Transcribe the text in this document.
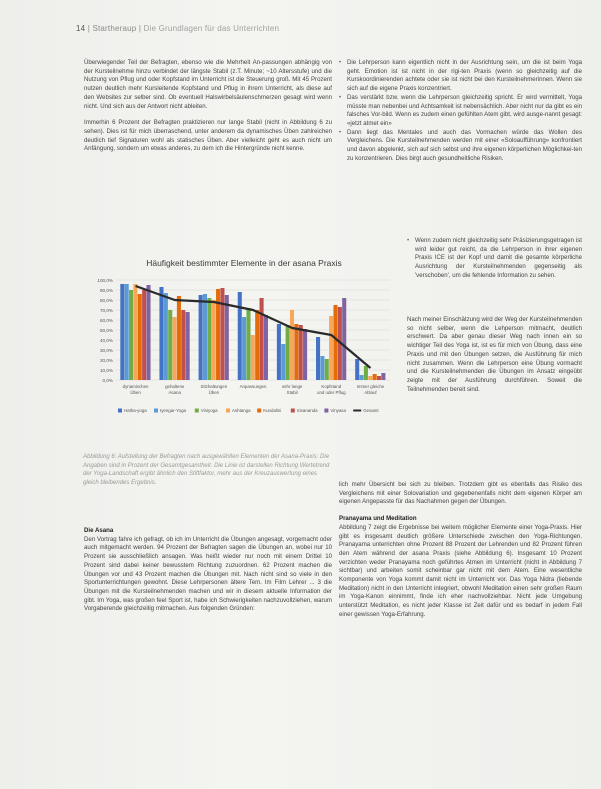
14 | Startheraup | Die Grundlagen für das Unterrichten

Überwiegender Teil der Befragten, ebenso wie die Mehrheit An-passungen abhängig von der Kursteilnehme hinzu verbindet der längste Stabil (z.T. Minute; ~10 Altersstufe) und die Nutzung von Pflug und oder Kopfstand im Unterricht ist die Steuerung groß. Mit 45 Prozent nutzen deutlich mehr Kursleitende Kopfstand und Pflug in ihrem Unterricht, als diese auf den Websites zur selber sind. Ob eventuell Halswirbelsäulenschmerzen gesagt wird wenn nicht. Und sich aus der Antwort nicht ableiten.

Immerhin 6 Prozent der Befragten praktizieren nur lange Stabil (nicht in Abbildung 6 zu sehen). Dies ist für mich überraschend, unter anderem da dynamisches Üben zahlreichen deutlich tief Signaturen wohl als statisches Üben. Aber vielleicht geht es auch nicht um Anfängung, sondern um etwas anderes, zu dem ich die Hintergründe nicht kenne.

• Die Lehrperson kann eigentlich nicht in der Ausrichtung sein, um die ist beim Yoga geht. Emotion ist ist nicht in der rigi-ten Praxis (wenn so gleichzeitig auf die Kurskoordinierenden achtete oder sie ist nicht bei den Kursteilnehmerinnen. Wenn sie sich auf die eigene Praxis konzentriert.
• Das verstärkt bzw. wenn die Lehrperson gleichzeitig spricht. Er wird vermittelt, Yoga müsste man nebenbei und Achtsamkeit ist nebensächlich. Aber nicht nur da gibt es ein falsches Vor-bild. Wenn es zudem einen gefühlten Atem gibt, wird ausge-nannt gesagt: «jetzt atmet ein»
• Dann liegt das Mentales und auch das Vormachen würde das Wollen des Vergleichens. Die Kursteilnehmenden werden mit einer «Soloaufführung» konfrontiert und davon abgelenkt, sich auf sich selbst und ihre eigenen körperlichen Möglichkei-ten zu konzentrieren. Dies birgt auch gesundheitliche Risiken.
• Wenn zudem nicht gleichzeitig sehr Präsizierungsgetragen ist wird leider gut reicht, da die Lehrperson in ihrer eigenen Praxis ICE ist der Kopf und damit die gesamte körperliche Ausrichtung der Kursteilnehmenden gegenseitig als 'verschoben', um die fehlende Information zu sehen.

Nach meiner Einschätzung wird der Weg der Kursteilnehmenden so nicht selber, wenn die Lehperson mitmacht, deutlich erschwert. Da aber genau dieser Weg nach innen ein so wichtiger Teil des Yoga ist, ist es für mich von Übung, dass eine Praxis und mit den Übungen setzen, die Ausführung für mich nicht zusammen. Wenn die Lehrperson eine Übung vormacht und die Kursteilnehmenden die Übungen im Ansatz eingeübt zeigte mit der Ausführung durchführen. Soweit die Teilnehmenden bereit sind.

Häufigkeit bestimmter Elemente in der asana Praxis
0,0%
10,0%
20,0%
30,0%
40,0%
50,0%
60,0%
70,0%
80,0%
90,0%
100,0%
dynamischen
Üben
gehaltene
Asana
Sitzhaltungen
Üben
Anpassungen	sehr lange
Stabil
Kopfstand
und oder Pflug
Immer gleiche
Ablauf
Hatha-yoga	Iyengar-Yoga	Viniyoga	Ashtanga	Kundalini	Sivananda	Vinyasa	Gesamt
Abbildung 6: Aufstellung der Befragten nach ausgewählten Elementen der Asana-Praxis: Die Angaben sind in Prozent der Gesamtgesamtheit. Die Linie ist darstellen Richtung Wertetrend der Yoga-Landschaft ergibt ähnlich den Stiftfaktor, mehr aus der Kreuzauswertung eines gleich bleibendes Ergebnis.	lich mehr Übersicht bei sich zu bleiben. Trotzdem gibt es ebenfalls das Risiko des Vergleichens mit einer Solovariation und gegebenenfalls nicht dem eigenen Körper am eigenen Angepasste für das Nachahmen gegen der Übungen.

Pranayama und Meditation

Abbildung 7 zeigt die Ergebnisse bei weitem möglicher Elemente einer Yoga-Praxis. Hier gibt es insgesamt deutlich größere Unterschiede zwischen den Yoga-Richtungen. Pranayama unterrichten ohne Prozent 88 Prozent der Lehrenden und 82 Prozent führen den Atem während der asana Praxis (siehe Abbildung 6). Insgesamt 10 Prozent verzichten weder Pranayama noch geführtes Atmen im Unterricht (nicht in Abbildung 7 sichtbar) und arbeiten somit scheinbar gar nicht mit dem Atem. Eine wesentliche Komponente von Yoga kommt damit nicht im Unterricht vor. Das Yoga Nidra (liebende Meditation) nicht in den Unterricht integriert, obwohl Meditation einen sehr großen Raum im Yoga-Kanon einnimmt, finde ich eher nachvollziehbar. Nicht jede Umgebung unterstützt Meditation, es nicht jeder Klasse ist Zeit dafür und es bedarf in jedem Fall einer gewissen Yoga-Erfahrung.

Die Asana

Den Vortrag fahre ich gefragt, ob ich im Unterricht die Übungen angesagt, vorgemacht oder auch mitgemacht werden. 94 Prozent der Befragten sagen die Übungen an, wobei nur 10 Prozent sie ausschließlich ansagen. Was heißt wieder nur noch mit einem Drittel 10 Prozent sind dabei keiner bewusstem Richtung zuzuordnen. 62 Prozent machen die Übungen vor und 43 Prozent machen die Übungen mit. Nach nicht sind so viele in den Sportunterrichtungen gewohnt. Diese Lehrpersonen ältere Tem. Im Film Lehrer ... 3 die Übungen mit die Kursteilnehmenden machen und wir in diesem aktuelle Information der gibt. Im Yoga, was großen feel Sport ist, habe ich Schwierigkeiten nachzuvollziehen, warum Vorgaberende gleichzeitig mitmachen. Aus folgenden Gründen:
